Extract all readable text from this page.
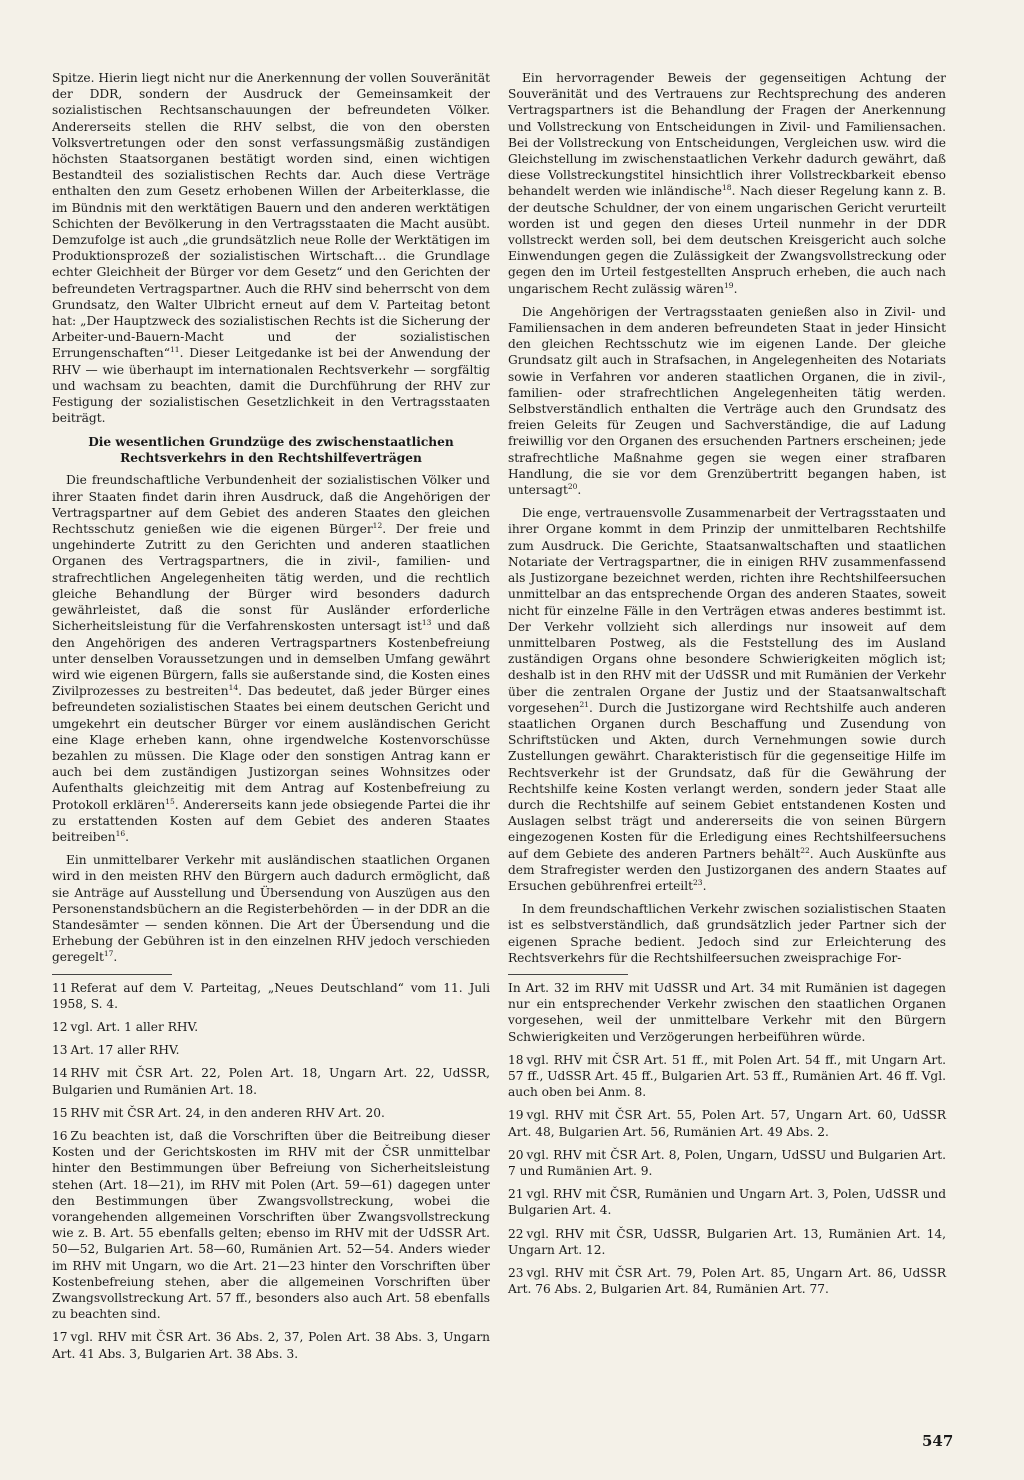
Spitze. Hierin liegt nicht nur die Anerkennung der vollen Souveränität der DDR, sondern der Ausdruck der Gemeinsamkeit der sozialistischen Rechtsanschauungen der befreundeten Völker. Andererseits stellen die RHV selbst, die von den obersten Volksvertretungen oder den sonst verfassungsmäßig zuständigen höchsten Staatsorganen bestätigt worden sind, einen wichtigen Bestandteil des sozialistischen Rechts dar. Auch diese Verträge enthalten den zum Gesetz erhobenen Willen der Arbeiterklasse, die im Bündnis mit den werktätigen Bauern und den anderen werktätigen Schichten der Bevölkerung in den Vertragsstaaten die Macht ausübt. Demzufolge ist auch „die grundsätzlich neue Rolle der Werktätigen im Produktionsprozeß der sozialistischen Wirtschaft… die Grundlage echter Gleichheit der Bürger vor dem Gesetz“ und den Gerichten der befreundeten Vertragspartner. Auch die RHV sind beherrscht von dem Grundsatz, den Walter Ulbricht erneut auf dem V. Parteitag betont hat: „Der Hauptzweck des sozialistischen Rechts ist die Sicherung der Arbeiter-und-Bauern-Macht und der sozialistischen Errungenschaften“$^{11}$. Dieser Leitgedanke ist bei der Anwendung der RHV — wie überhaupt im internationalen Rechtsverkehr — sorgfältig und wachsam zu beachten, damit die Durchführung der RHV zur Festigung der sozialistischen Gesetzlichkeit in den Vertragsstaaten beiträgt.

Die wesentlichen Grundzüge des zwischenstaatlichen Rechtsverkehrs in den Rechtshilfeverträgen

Die freundschaftliche Verbundenheit der sozialistischen Völker und ihrer Staaten findet darin ihren Ausdruck, daß die Angehörigen der Vertragspartner auf dem Gebiet des anderen Staates den gleichen Rechtsschutz genießen wie die eigenen Bürger$^{12}$. Der freie und ungehinderte Zutritt zu den Gerichten und anderen staatlichen Organen des Vertragspartners, die in zivil-, familien- und strafrechtlichen Angelegenheiten tätig werden, und die rechtlich gleiche Behandlung der Bürger wird besonders dadurch gewährleistet, daß die sonst für Ausländer erforderliche Sicherheitsleistung für die Verfahrenskosten untersagt ist$^{13}$ und daß den Angehörigen des anderen Vertragspartners Kostenbefreiung unter denselben Voraussetzungen und in demselben Umfang gewährt wird wie eigenen Bürgern, falls sie außerstande sind, die Kosten eines Zivilprozesses zu bestreiten$^{14}$. Das bedeutet, daß jeder Bürger eines befreundeten sozialistischen Staates bei einem deutschen Gericht und umgekehrt ein deutscher Bürger vor einem ausländischen Gericht eine Klage erheben kann, ohne irgendwelche Kostenvorschüsse bezahlen zu müssen. Die Klage oder den sonstigen Antrag kann er auch bei dem zuständigen Justizorgan seines Wohnsitzes oder Aufenthalts gleichzeitig mit dem Antrag auf Kostenbefreiung zu Protokoll erklären$^{15}$. Andererseits kann jede obsiegende Partei die ihr zu erstattenden Kosten auf dem Gebiet des anderen Staates beitreiben$^{16}$.

Ein unmittelbarer Verkehr mit ausländischen staatlichen Organen wird in den meisten RHV den Bürgern auch dadurch ermöglicht, daß sie Anträge auf Ausstellung und Übersendung von Auszügen aus den Personenstandsbüchern an die Registerbehörden — in der DDR an die Standesämter — senden können. Die Art der Übersendung und die Erhebung der Gebühren ist in den einzelnen RHV jedoch verschieden geregelt$^{17}$.

11 Referat auf dem V. Parteitag, „Neues Deutschland“ vom 11. Juli 1958, S. 4.

12 vgl. Art. 1 aller RHV.

13 Art. 17 aller RHV.

14 RHV mit ČSR Art. 22, Polen Art. 18, Ungarn Art. 22, UdSSR, Bulgarien und Rumänien Art. 18.

15 RHV mit ČSR Art. 24, in den anderen RHV Art. 20.

16 Zu beachten ist, daß die Vorschriften über die Beitreibung dieser Kosten und der Gerichtskosten im RHV mit der ČSR unmittelbar hinter den Bestimmungen über Befreiung von Sicherheitsleistung stehen (Art. 18—21), im RHV mit Polen (Art. 59—61) dagegen unter den Bestimmungen über Zwangsvollstreckung, wobei die vorangehenden allgemeinen Vorschriften über Zwangsvollstreckung wie z. B. Art. 55 ebenfalls gelten; ebenso im RHV mit der UdSSR Art. 50—52, Bulgarien Art. 58—60, Rumänien Art. 52—54. Anders wieder im RHV mit Ungarn, wo die Art. 21—23 hinter den Vorschriften über Kostenbefreiung stehen, aber die allgemeinen Vorschriften über Zwangsvollstreckung Art. 57 ff., besonders also auch Art. 58 ebenfalls zu beachten sind.

17 vgl. RHV mit ČSR Art. 36 Abs. 2, 37, Polen Art. 38 Abs. 3, Ungarn Art. 41 Abs. 3, Bulgarien Art. 38 Abs. 3.

Ein hervorragender Beweis der gegenseitigen Achtung der Souveränität und des Vertrauens zur Rechtsprechung des anderen Vertragspartners ist die Behandlung der Fragen der Anerkennung und Vollstreckung von Entscheidungen in Zivil- und Familiensachen. Bei der Vollstreckung von Entscheidungen, Vergleichen usw. wird die Gleichstellung im zwischenstaatlichen Verkehr dadurch gewährt, daß diese Vollstreckungstitel hinsichtlich ihrer Vollstreckbarkeit ebenso behandelt werden wie inländische$^{18}$. Nach dieser Regelung kann z. B. der deutsche Schuldner, der von einem ungarischen Gericht verurteilt worden ist und gegen den dieses Urteil nunmehr in der DDR vollstreckt werden soll, bei dem deutschen Kreisgericht auch solche Einwendungen gegen die Zulässigkeit der Zwangsvollstreckung oder gegen den im Urteil festgestellten Anspruch erheben, die auch nach ungarischem Recht zulässig wären$^{19}$.

Die Angehörigen der Vertragsstaaten genießen also in Zivil- und Familiensachen in dem anderen befreundeten Staat in jeder Hinsicht den gleichen Rechtsschutz wie im eigenen Lande. Der gleiche Grundsatz gilt auch in Strafsachen, in Angelegenheiten des Notariats sowie in Verfahren vor anderen staatlichen Organen, die in zivil-, familien- oder strafrechtlichen Angelegenheiten tätig werden. Selbstverständlich enthalten die Verträge auch den Grundsatz des freien Geleits für Zeugen und Sachverständige, die auf Ladung freiwillig vor den Organen des ersuchenden Partners erscheinen; jede strafrechtliche Maßnahme gegen sie wegen einer strafbaren Handlung, die sie vor dem Grenzübertritt begangen haben, ist untersagt$^{20}$.

Die enge, vertrauensvolle Zusammenarbeit der Vertragsstaaten und ihrer Organe kommt in dem Prinzip der unmittelbaren Rechtshilfe zum Ausdruck. Die Gerichte, Staatsanwaltschaften und staatlichen Notariate der Vertragspartner, die in einigen RHV zusammenfassend als Justizorgane bezeichnet werden, richten ihre Rechtshilfeersuchen unmittelbar an das entsprechende Organ des anderen Staates, soweit nicht für einzelne Fälle in den Verträgen etwas anderes bestimmt ist. Der Verkehr vollzieht sich allerdings nur insoweit auf dem unmittelbaren Postweg, als die Feststellung des im Ausland zuständigen Organs ohne besondere Schwierigkeiten möglich ist; deshalb ist in den RHV mit der UdSSR und mit Rumänien der Verkehr über die zentralen Organe der Justiz und der Staatsanwaltschaft vorgesehen$^{21}$. Durch die Justizorgane wird Rechtshilfe auch anderen staatlichen Organen durch Beschaffung und Zusendung von Schriftstücken und Akten, durch Vernehmungen sowie durch Zustellungen gewährt. Charakteristisch für die gegenseitige Hilfe im Rechtsverkehr ist der Grundsatz, daß für die Gewährung der Rechtshilfe keine Kosten verlangt werden, sondern jeder Staat alle durch die Rechtshilfe auf seinem Gebiet entstandenen Kosten und Auslagen selbst trägt und andererseits die von seinen Bürgern eingezogenen Kosten für die Erledigung eines Rechtshilfeersuchens auf dem Gebiete des anderen Partners behält$^{22}$. Auch Auskünfte aus dem Strafregister werden den Justizorganen des andern Staates auf Ersuchen gebührenfrei erteilt$^{23}$.

In dem freundschaftlichen Verkehr zwischen sozialistischen Staaten ist es selbstverständlich, daß grundsätzlich jeder Partner sich der eigenen Sprache bedient. Jedoch sind zur Erleichterung des Rechtsverkehrs für die Rechtshilfeersuchen zweisprachige For-

In Art. 32 im RHV mit UdSSR und Art. 34 mit Rumänien ist dagegen nur ein entsprechender Verkehr zwischen den staatlichen Organen vorgesehen, weil der unmittelbare Verkehr mit den Bürgern Schwierigkeiten und Verzögerungen herbeiführen würde.

18 vgl. RHV mit ČSR Art. 51 ff., mit Polen Art. 54 ff., mit Ungarn Art. 57 ff., UdSSR Art. 45 ff., Bulgarien Art. 53 ff., Rumänien Art. 46 ff. Vgl. auch oben bei Anm. 8.

19 vgl. RHV mit ČSR Art. 55, Polen Art. 57, Ungarn Art. 60, UdSSR Art. 48, Bulgarien Art. 56, Rumänien Art. 49 Abs. 2.

20 vgl. RHV mit ČSR Art. 8, Polen, Ungarn, UdSSU und Bulgarien Art. 7 und Rumänien Art. 9.

21 vgl. RHV mit ČSR, Rumänien und Ungarn Art. 3, Polen, UdSSR und Bulgarien Art. 4.

22 vgl. RHV mit ČSR, UdSSR, Bulgarien Art. 13, Rumänien Art. 14, Ungarn Art. 12.

23 vgl. RHV mit ČSR Art. 79, Polen Art. 85, Ungarn Art. 86, UdSSR Art. 76 Abs. 2, Bulgarien Art. 84, Rumänien Art. 77.

547
